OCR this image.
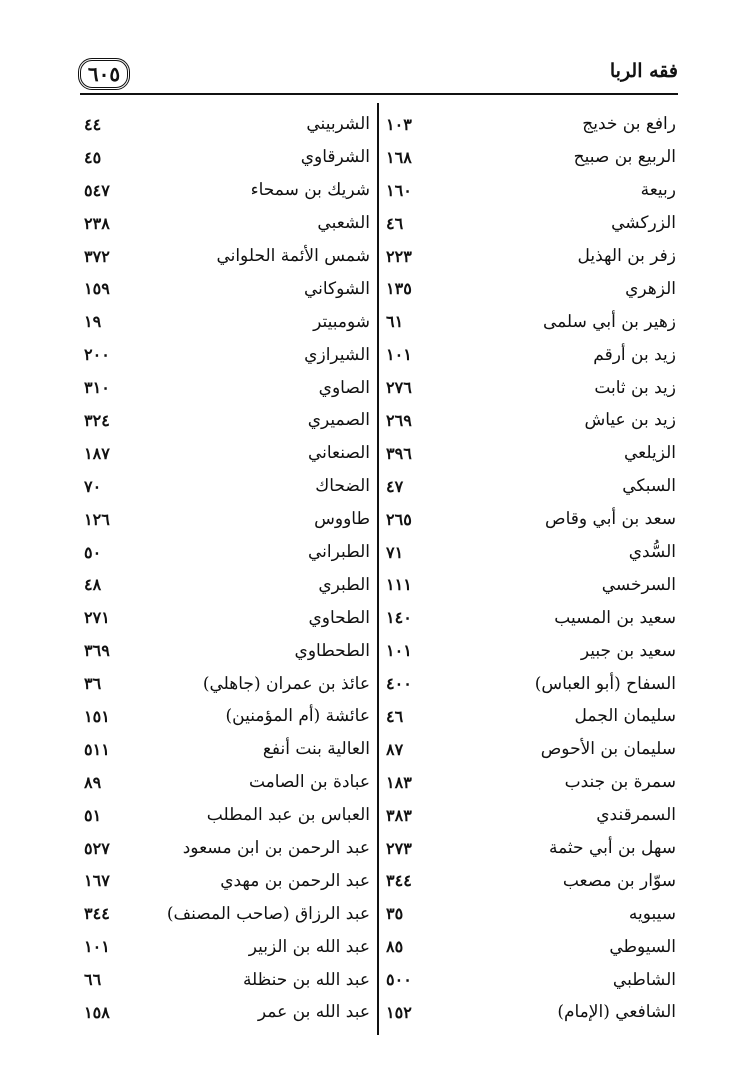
٦٠٥	فقه الربا
رافع بن خديج
١٠٣
الربيع بن صبيح
١٦٨
ربيعة
١٦٠
الزركشي
٤٦
زفر بن الهذيل
٢٢٣
الزهري
١٣٥
زهير بن أبي سلمى
٦١
زيد بن أرقم
١٠١
زيد بن ثابت
٢٧٦
زيد بن عياش
٢٦٩
الزيلعي
٣٩٦
السبكي
٤٧
سعد بن أبي وقاص
٢٦٥
السُّدي
٧١
السرخسي
١١١
سعيد بن المسيب
١٤٠
سعيد بن جبير
١٠١
السفاح (أبو العباس)
٤٠٠
سليمان الجمل
٤٦
سليمان بن الأحوص
٨٧
سمرة بن جندب
١٨٣
السمرقندي
٣٨٣
سهل بن أبي حثمة
٢٧٣
سوّار بن مصعب
٣٤٤
سيبويه
٣٥
السيوطي
٨٥
الشاطبي
٥٠٠
الشافعي (الإمام)
١٥٢
الشربيني
٤٤
الشرقاوي
٤٥
شريك بن سمحاء
٥٤٧
الشعبي
٢٣٨
شمس الأئمة الحلواني
٣٧٢
الشوكاني
١٥٩
شومبيتر
١٩
الشيرازي
٢٠٠
الصاوي
٣١٠
الصميري
٣٢٤
الصنعاني
١٨٧
الضحاك
٧٠
طاووس
١٢٦
الطبراني
٥٠
الطبري
٤٨
الطحاوي
٢٧١
الطحطاوي
٣٦٩
عائذ بن عمران (جاهلي)
٣٦
عائشة (أم المؤمنين)
١٥١
العالية بنت أنفع
٥١١
عبادة بن الصامت
٨٩
العباس بن عبد المطلب
٥١
عبد الرحمن بن ابن مسعود
٥٢٧
عبد الرحمن بن مهدي
١٦٧
عبد الرزاق (صاحب المصنف)
٣٤٤
عبد الله بن الزبير
١٠١
عبد الله بن حنظلة
٦٦
عبد الله بن عمر
١٥٨
